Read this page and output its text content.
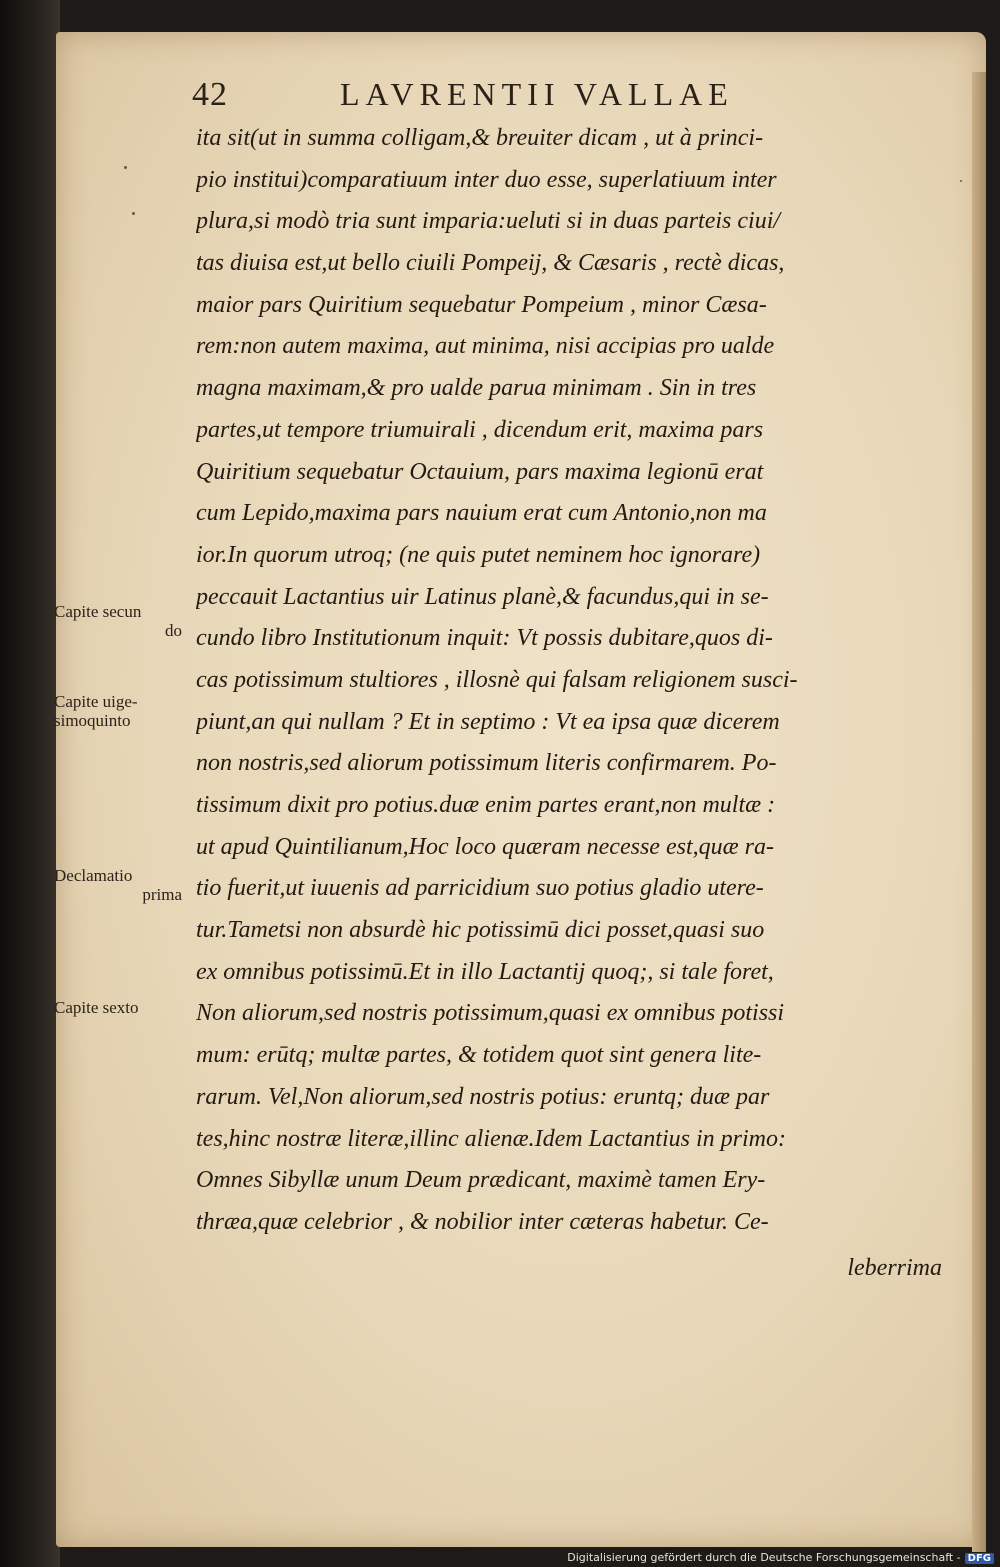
42	LAVRENTII VALLAE
ita sit(ut in summa colligam,& breuiter dicam , ut à princi-
pio institui)comparatiuum inter duo esse, superlatiuum inter
plura,si modò tria sunt imparia:ueluti si in duas parteis ciui/
tas diuisa est,ut bello ciuili Pompeij, & Cæsaris , rectè dicas,
maior pars Quiritium sequebatur Pompeium , minor Cæsa-
rem:non autem maxima, aut minima, nisi accipias pro ualde
magna maximam,& pro ualde parua minimam . Sin in tres
partes,ut tempore triumuirali , dicendum erit, maxima pars
Quiritium sequebatur Octauium, pars maxima legionū erat
cum Lepido,maxima pars nauium erat cum Antonio,non ma
ior.In quorum utroq; (ne quis putet neminem hoc ignorare)
peccauit Lactantius uir Latinus planè,& facundus,qui in se-
cundo libro Institutionum inquit: Vt possis dubitare,quos di-
cas potissimum stultiores , illosnè qui falsam religionem susci-
piunt,an qui nullam ? Et in septimo : Vt ea ipsa quæ dicerem
non nostris,sed aliorum potissimum literis confirmarem. Po-
tissimum dixit pro potius.duæ enim partes erant,non multæ :
ut apud Quintilianum,Hoc loco quæram necesse est,quæ ra-
tio fuerit,ut iuuenis ad parricidium suo potius gladio utere-
tur.Tametsi non absurdè hic potissimū dici posset,quasi suo
ex omnibus potissimū.Et in illo Lactantij quoq;, si tale foret,
Non aliorum,sed nostris potissimum,quasi ex omnibus potissi
mum: erūtq; multæ partes, & totidem quot sint genera lite-
rarum. Vel,Non aliorum,sed nostris potius: eruntq; duæ par
tes,hinc nostræ literæ,illinc alienæ.Idem Lactantius in primo:
Omnes Sibyllæ unum Deum prædicant, maximè tamen Ery-
thræa,quæ celebrior , & nobilior inter cæteras habetur. Ce-
leberrima
Capite secun
do
Capite uige-
simoquinto
Declamatio
prima
Capite sexto
Digitalisierung gefördert durch die Deutsche Forschungsgemeinschaft - DFG
